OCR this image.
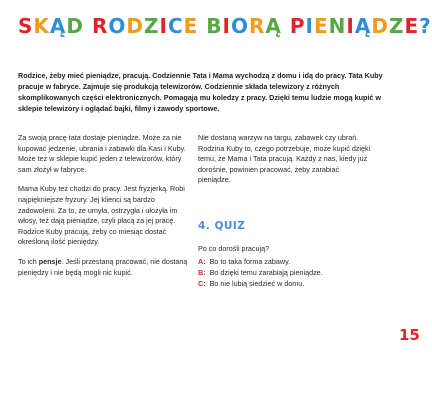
SKĄD RODZICE BIORĄ PIENIĄDZE?
Rodzice, żeby mieć pieniądze, pracują. Codziennie Tata i Mama wychodzą z domu i idą do pracy. Tata Kuby pracuje w fabryce. Zajmuje się produkcją telewizorów. Codziennie składa telewizory z różnych skomplikowanych części elektronicznych. Pomagają mu koledzy z pracy. Dzięki temu ludzie mogą kupić w sklepie telewizory i oglądać bajki, filmy i zawody sportowe.

Za swoją pracę tata dostaje pieniądze. Może za nie kupować jedzenie, ubrania i zabawki dla Kasi i Kuby. Może też w sklepie kupić jeden z telewizorów, który sam złożył w fabryce.

Mama Kuby też chodzi do pracy. Jest fryzjerką. Robi najpiękniejsze fryzury. Jej klienci są bardzo zadowoleni. Za to, że umyła, ostrzygła i ułożyła im włosy, też dają pieniądze, czyli płacą za jej pracę. Rodzice Kuby pracują, żeby co miesiąc dostać określoną ilość pieniędzy.

To ich pensje. Jeśli przestaną pracować, nie dostaną pieniędzy i nie będą mogli nic kupić.

Nie dostaną warzyw na targu, zabawek czy ubrań. Rodzina Kuby to, czego potrzebuje, może kupić dzięki temu, że Mama i Tata pracują. Każdy z nas, kiedy już dorośnie, powinien pracować, żeby zarabiać pieniądze.

4. QUIZ
Po co dorośli pracują?
A: Bo to taka forma zabawy.
B: Bo dzięki temu zarabiają pieniądze.
C: Bo nie lubią siedzieć w domu.
15
